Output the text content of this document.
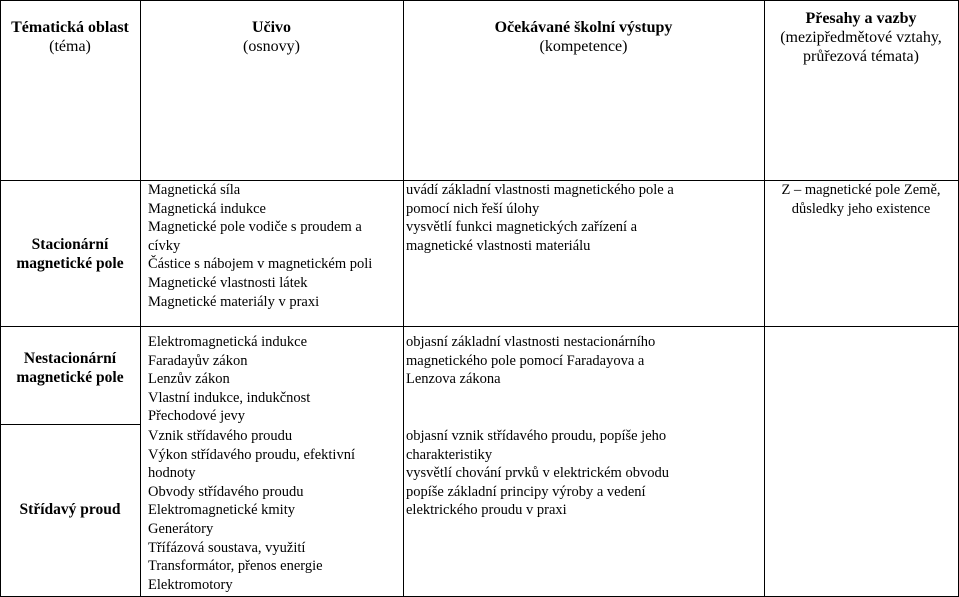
Tématická oblast
(téma)
Učivo
(osnovy)
Očekávané školní výstupy
(kompetence)
Přesahy a vazby
(mezipředmětové vztahy,
průřezová témata)
Stacionární
magnetické pole
Magnetická síla
Magnetická indukce
Magnetické pole vodiče s proudem a
cívky
Částice s nábojem v magnetickém poli
Magnetické vlastnosti látek
Magnetické materiály v praxi
uvádí základní vlastnosti magnetického pole a
pomocí nich řeší úlohy
vysvětlí funkci magnetických zařízení a
magnetické vlastnosti materiálu
Z – magnetické pole Země,
důsledky jeho existence
Nestacionární
magnetické pole
Elektromagnetická indukce
Faradayův zákon
Lenzův zákon
Vlastní indukce, indukčnost
Přechodové jevy
objasní základní vlastnosti nestacionárního
magnetického pole pomocí Faradayova a
Lenzova zákona
Střídavý proud
Vznik střídavého proudu
Výkon střídavého proudu, efektivní
hodnoty
Obvody střídavého proudu
Elektromagnetické kmity
Generátory
Třífázová soustava, využití
Transformátor, přenos energie
Elektromotory
objasní vznik střídavého proudu, popíše jeho
charakteristiky
vysvětlí chování prvků v elektrickém obvodu
popíše základní principy výroby a vedení
elektrického proudu v praxi
